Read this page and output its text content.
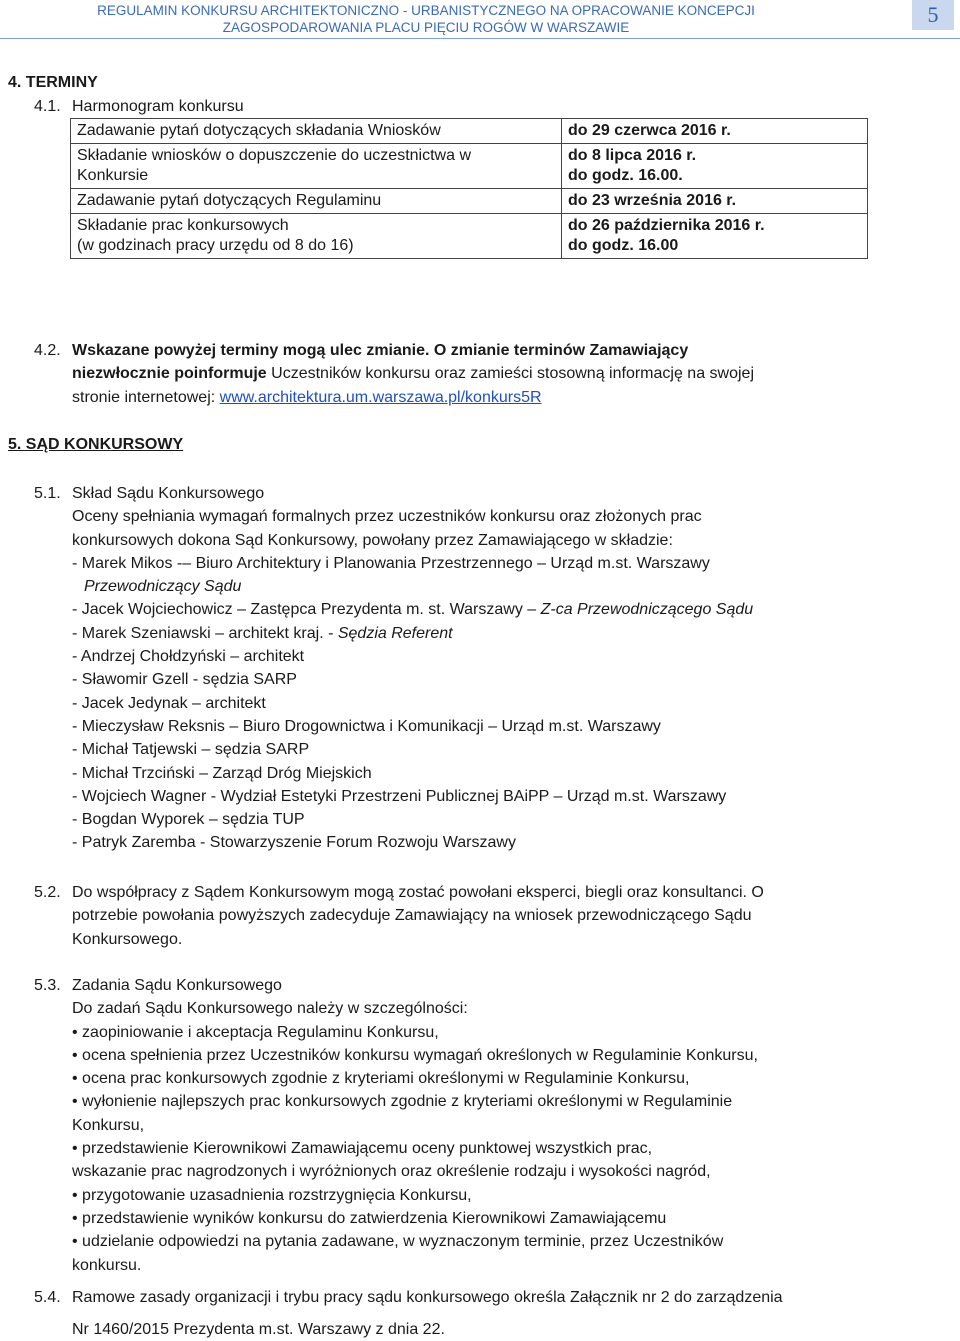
REGULAMIN KONKURSU ARCHITEKTONICZNO - URBANISTYCZNEGO NA OPRACOWANIE KONCEPCJI
ZAGOSPODAROWANIA PLACU PIĘCIU ROGÓW W WARSZAWIE
5
4. TERMINY
4.1. Harmonogram konkursu
Zadawanie pytań dotyczących składania Wniosków	do 29 czerwca 2016 r.

Składanie wniosków o dopuszczenie do uczestnictwa w
Konkursie	do 8 lipca 2016 r.
do godz. 16.00.

Zadawanie pytań dotyczących Regulaminu	do 23 września 2016 r.

Składanie prac konkursowych
(w godzinach pracy urzędu od 8 do 16)	do 26 października 2016 r.
do godz. 16.00
4.2. Wskazane powyżej terminy mogą ulec zmianie. O zmianie terminów Zamawiający
niezwłocznie poinformuje Uczestników konkursu oraz zamieści stosowną informację na swojej
stronie internetowej: www.architektura.um.warszawa.pl/konkurs5R
5. SĄD KONKURSOWY
5.1. Skład Sądu Konkursowego
Oceny spełniania wymagań formalnych przez uczestników konkursu oraz złożonych prac
konkursowych dokona Sąd Konkursowy, powołany przez Zamawiającego w składzie:
- Marek Mikos -– Biuro Architektury i Planowania Przestrzennego – Urząd m.st. Warszawy
Przewodniczący Sądu
- Jacek Wojciechowicz – Zastępca Prezydenta m. st. Warszawy – Z-ca Przewodniczącego Sądu
- Marek Szeniawski – architekt kraj. - Sędzia Referent
- Andrzej Chołdzyński – architekt
- Sławomir Gzell - sędzia SARP
- Jacek Jedynak – architekt
- Mieczysław Reksnis – Biuro Drogownictwa i Komunikacji – Urząd m.st. Warszawy
- Michał Tatjewski – sędzia SARP
- Michał Trzciński – Zarząd Dróg Miejskich
- Wojciech Wagner - Wydział Estetyki Przestrzeni Publicznej BAiPP – Urząd m.st. Warszawy
- Bogdan Wyporek – sędzia TUP
- Patryk Zaremba - Stowarzyszenie Forum Rozwoju Warszawy
5.2. Do współpracy z Sądem Konkursowym mogą zostać powołani eksperci, biegli oraz konsultanci. O
potrzebie powołania powyższych zadecyduje Zamawiający na wniosek przewodniczącego Sądu
Konkursowego.
5.3. Zadania Sądu Konkursowego
Do zadań Sądu Konkursowego należy w szczególności:
• zaopiniowanie i akceptacja Regulaminu Konkursu,
• ocena spełnienia przez Uczestników konkursu wymagań określonych w Regulaminie Konkursu,
• ocena prac konkursowych zgodnie z kryteriami określonymi w Regulaminie Konkursu,
• wyłonienie najlepszych prac konkursowych zgodnie z kryteriami określonymi w Regulaminie
Konkursu,
• przedstawienie Kierownikowi Zamawiającemu oceny punktowej wszystkich prac,
wskazanie prac nagrodzonych i wyróżnionych oraz określenie rodzaju i wysokości nagród,
• przygotowanie uzasadnienia rozstrzygnięcia Konkursu,
• przedstawienie wyników konkursu do zatwierdzenia Kierownikowi Zamawiającemu
• udzielanie odpowiedzi na pytania zadawane, w wyznaczonym terminie, przez Uczestników
konkursu.
5.4. Ramowe zasady organizacji i trybu pracy sądu konkursowego określa Załącznik nr 2 do zarządzenia
Nr 1460/2015 Prezydenta m.st. Warszawy z dnia 22.
